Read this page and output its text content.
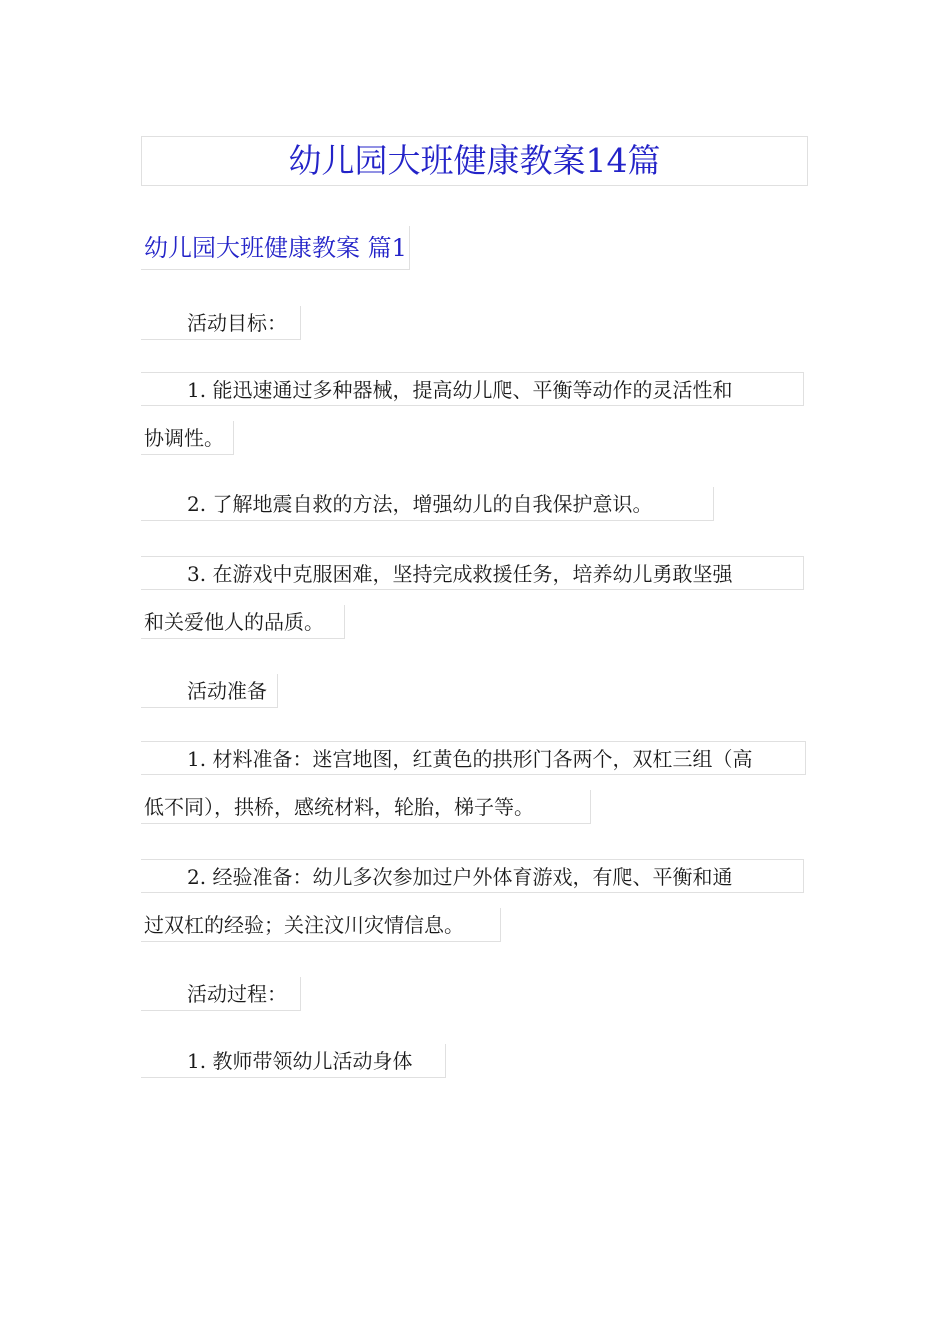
幼儿园大班健康教案14篇
幼儿园大班健康教案 篇1
活动目标：
1. 能迅速通过多种器械，提高幼儿爬、平衡等动作的灵活性和
协调性。
2. 了解地震自救的方法，增强幼儿的自我保护意识。
3. 在游戏中克服困难，坚持完成救援任务，培养幼儿勇敢坚强
和关爱他人的品质。
活动准备
1. 材料准备：迷宫地图，红黄色的拱形门各两个，双杠三组（高
低不同），拱桥，感统材料，轮胎，梯子等。
2. 经验准备：幼儿多次参加过户外体育游戏，有爬、平衡和通
过双杠的经验；关注汶川灾情信息。
活动过程：
1. 教师带领幼儿活动身体
